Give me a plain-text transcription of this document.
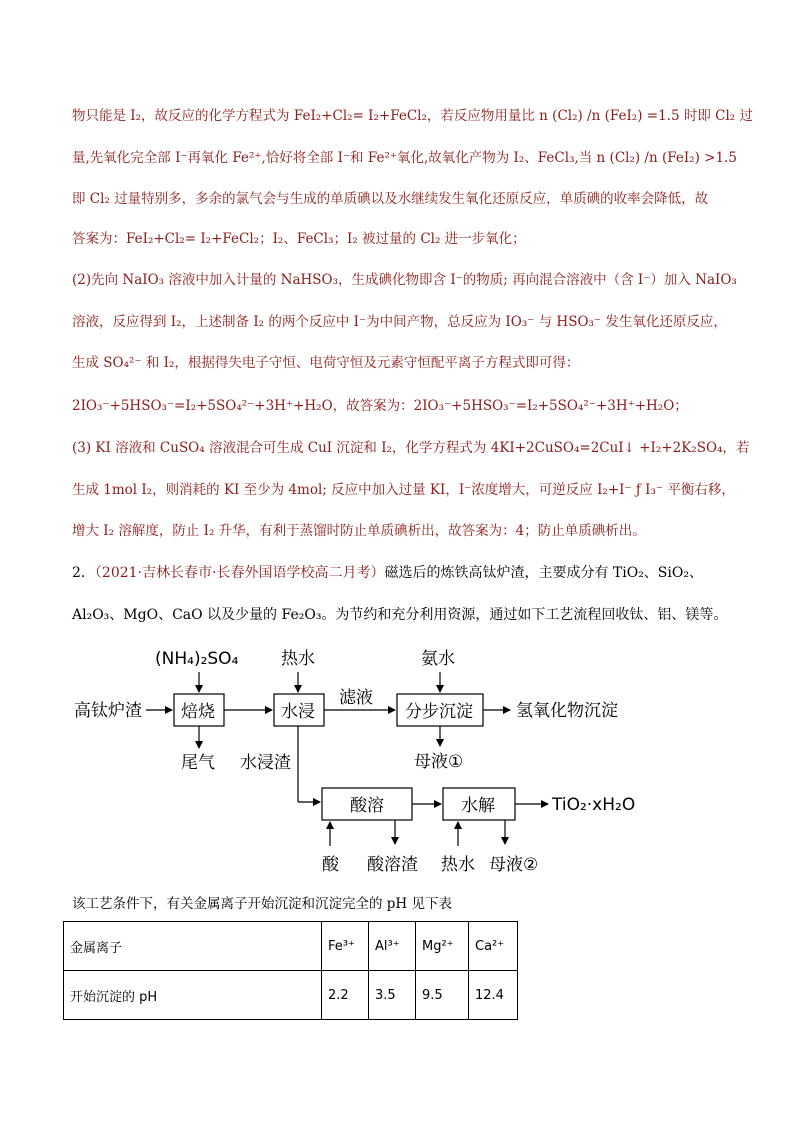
物只能是 I₂，故反应的化学方程式为 FeI₂+Cl₂= I₂+FeCl₂，若反应物用量比 n (Cl₂) /n (FeI₂) =1.5 时即 Cl₂ 过
量,先氧化完全部 I⁻再氧化 Fe²⁺,恰好将全部 I⁻和 Fe²⁺氧化,故氧化产物为 I₂、FeCl₃,当 n (Cl₂) /n (FeI₂) >1.5
即 Cl₂ 过量特别多，多余的氯气会与生成的单质碘以及水继续发生氧化还原反应，单质碘的收率会降低，故
答案为：FeI₂+Cl₂= I₂+FeCl₂；I₂、FeCl₃；I₂ 被过量的 Cl₂ 进一步氧化；
(2)先向 NaIO₃ 溶液中加入计量的 NaHSO₃，生成碘化物即含 I⁻的物质; 再向混合溶液中（含 I⁻）加入 NaIO₃
溶液，反应得到 I₂，上述制备 I₂ 的两个反应中 I⁻为中间产物，总反应为 IO₃⁻ 与 HSO₃⁻ 发生氧化还原反应，
生成 SO₄²⁻ 和 I₂，根据得失电子守恒、电荷守恒及元素守恒配平离子方程式即可得：
2IO₃⁻+5HSO₃⁻=I₂+5SO₄²⁻+3H⁺+H₂O，故答案为：2IO₃⁻+5HSO₃⁻=I₂+5SO₄²⁻+3H⁺+H₂O；
(3) KI 溶液和 CuSO₄ 溶液混合可生成 CuI 沉淀和 I₂，化学方程式为 4KI+2CuSO₄=2CuI↓ +I₂+2K₂SO₄，若
生成 1mol I₂，则消耗的 KI 至少为 4mol; 反应中加入过量 KI，I⁻浓度增大，可逆反应 I₂+I⁻ ƒ I₃⁻ 平衡右移，
增大 I₂ 溶解度，防止 I₂ 升华，有利于蒸馏时防止单质碘析出，故答案为：4；防止单质碘析出。
2．（2021·吉林长春市·长春外国语学校高二月考）磁选后的炼铁高钛炉渣，主要成分有 TiO₂、SiO₂、
Al₂O₃、MgO、CaO 以及少量的 Fe₂O₃。为节约和充分利用资源，通过如下工艺流程回收钛、铝、镁等。
(NH₄)₂SO₄	热水	氨水
高钛炉渣 焙烧	水浸
滤液
分步沉淀	氢氧化物沉淀
尾气 水浸渣	母液①
酸溶	水解	TiO₂·xH₂O
酸 酸溶渣 热水 母液②
该工艺条件下，有关金属离子开始沉淀和沉淀完全的 pH 见下表
金属离子	Fe³⁺	Al³⁺	Mg²⁺	Ca²⁺
开始沉淀的 pH	2.2	3.5	9.5	12.4
